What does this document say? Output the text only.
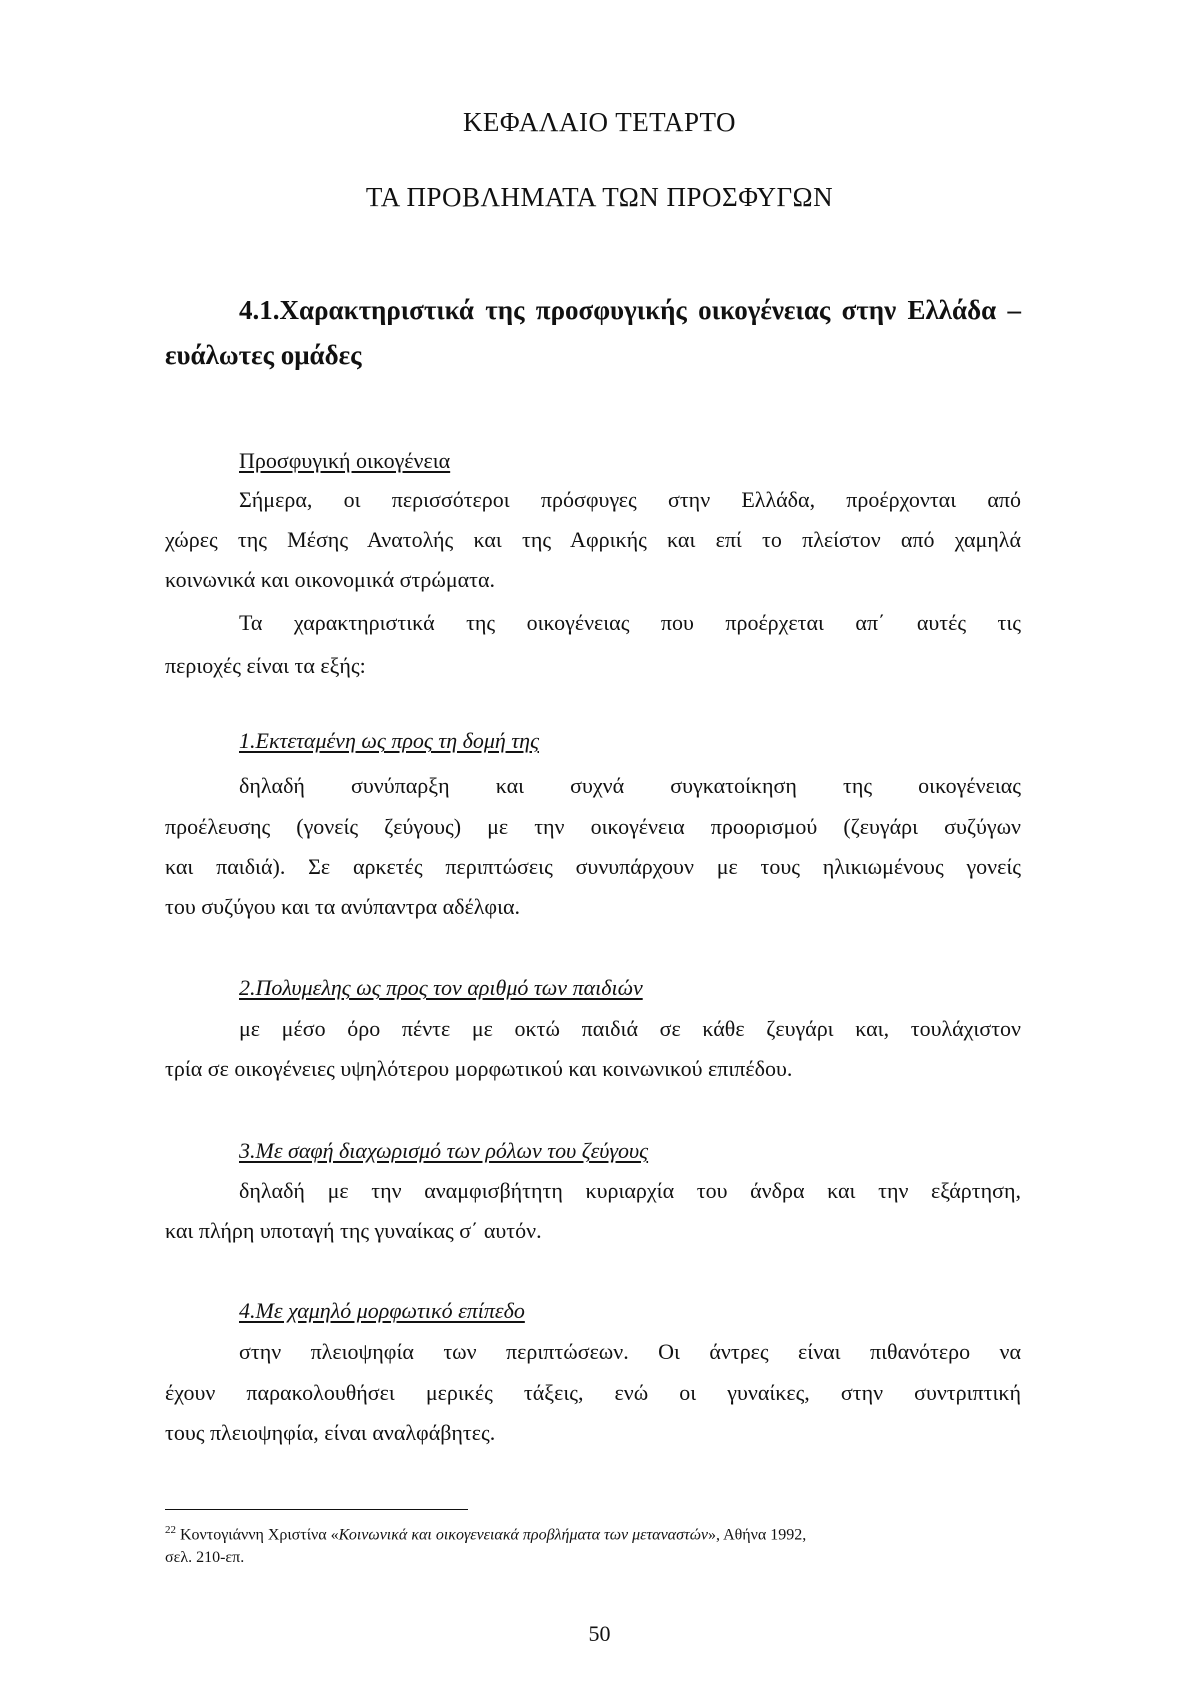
ΚΕΦΑΛΑΙΟ ΤΕΤΑΡΤΟ
ΤΑ ΠΡΟΒΛΗΜΑΤΑ ΤΩΝ ΠΡΟΣΦΥΓΩΝ
4.1.Χαρακτηριστικά της προσφυγικής οικογένειας στην Ελλάδα –
ευάλωτες ομάδες
Προσφυγική οικογένεια
Σήμερα, οι περισσότεροι πρόσφυγες στην Ελλάδα, προέρχονται από
χώρες της Μέσης Ανατολής και της Αφρικής και επί το πλείστον από χαμηλά
κοινωνικά και οικονομικά στρώματα.
Τα χαρακτηριστικά της οικογένειας που προέρχεται απ΄ αυτές τις
περιοχές είναι τα εξής:
1.Εκτεταμένη ως προς τη δομή της
δηλαδή συνύπαρξη και συχνά συγκατοίκηση της οικογένειας
προέλευσης (γονείς ζεύγους) με την οικογένεια προορισμού (ζευγάρι συζύγων
και παιδιά). Σε αρκετές περιπτώσεις συνυπάρχουν με τους ηλικιωμένους γονείς
του συζύγου και τα ανύπαντρα αδέλφια.
2.Πολυμελης ως προς τον αριθμό των παιδιών
με μέσο όρο πέντε με οκτώ παιδιά σε κάθε ζευγάρι και, τουλάχιστον
τρία σε οικογένειες υψηλότερου μορφωτικού και κοινωνικού επιπέδου.
3.Με σαφή διαχωρισμό των ρόλων του ζεύγους
δηλαδή με την αναμφισβήτητη κυριαρχία του άνδρα και την εξάρτηση,
και πλήρη υποταγή της γυναίκας σ΄ αυτόν.
4.Με χαμηλό μορφωτικό επίπεδο
στην πλειοψηφία των περιπτώσεων. Οι άντρες είναι πιθανότερο να
έχουν παρακολουθήσει μερικές τάξεις, ενώ οι γυναίκες, στην συντριπτική
τους πλειοψηφία, είναι αναλφάβητες.
$^{22}$ Κοντογιάννη Χριστίνα «Κοινωνικά και οικογενειακά προβλήματα των μεταναστών», Αθήνα 1992,
σελ. 210-επ.
50
